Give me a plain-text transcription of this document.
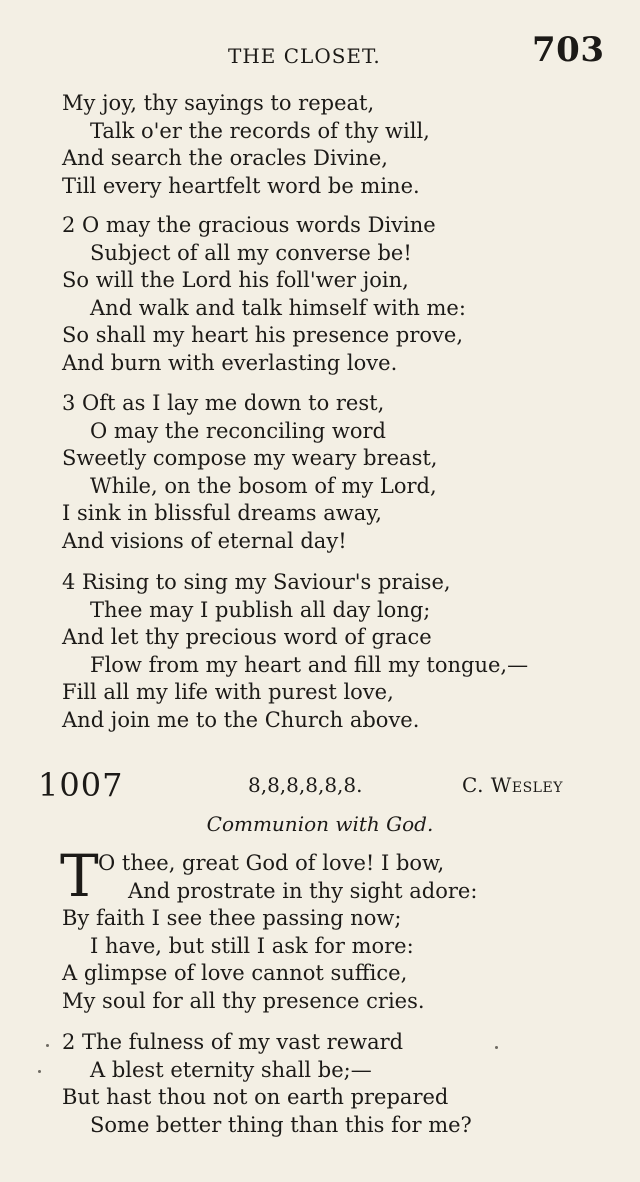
THE CLOSET.	703
My joy, thy sayings to repeat,
Talk o'er the records of thy will,
And search the oracles Divine,
Till every heartfelt word be mine.
2 O may the gracious words Divine
Subject of all my converse be!
So will the Lord his foll'wer join,
And walk and talk himself with me:
So shall my heart his presence prove,
And burn with everlasting love.
3 Oft as I lay me down to rest,
O may the reconciling word
Sweetly compose my weary breast,
While, on the bosom of my Lord,
I sink in blissful dreams away,
And visions of eternal day!
4 Rising to sing my Saviour's praise,
Thee may I publish all day long;
And let thy precious word of grace
Flow from my heart and fill my tongue,—
Fill all my life with purest love,
And join me to the Church above.
1007	8,8,8,8,8,8.	C. Wesley
Communion with God.
T O thee, great God of love! I bow,
And prostrate in thy sight adore:
By faith I see thee passing now;
I have, but still I ask for more:
A glimpse of love cannot suffice,
My soul for all thy presence cries.
2 The fulness of my vast reward
A blest eternity shall be;—
But hast thou not on earth prepared
Some better thing than this for me?
